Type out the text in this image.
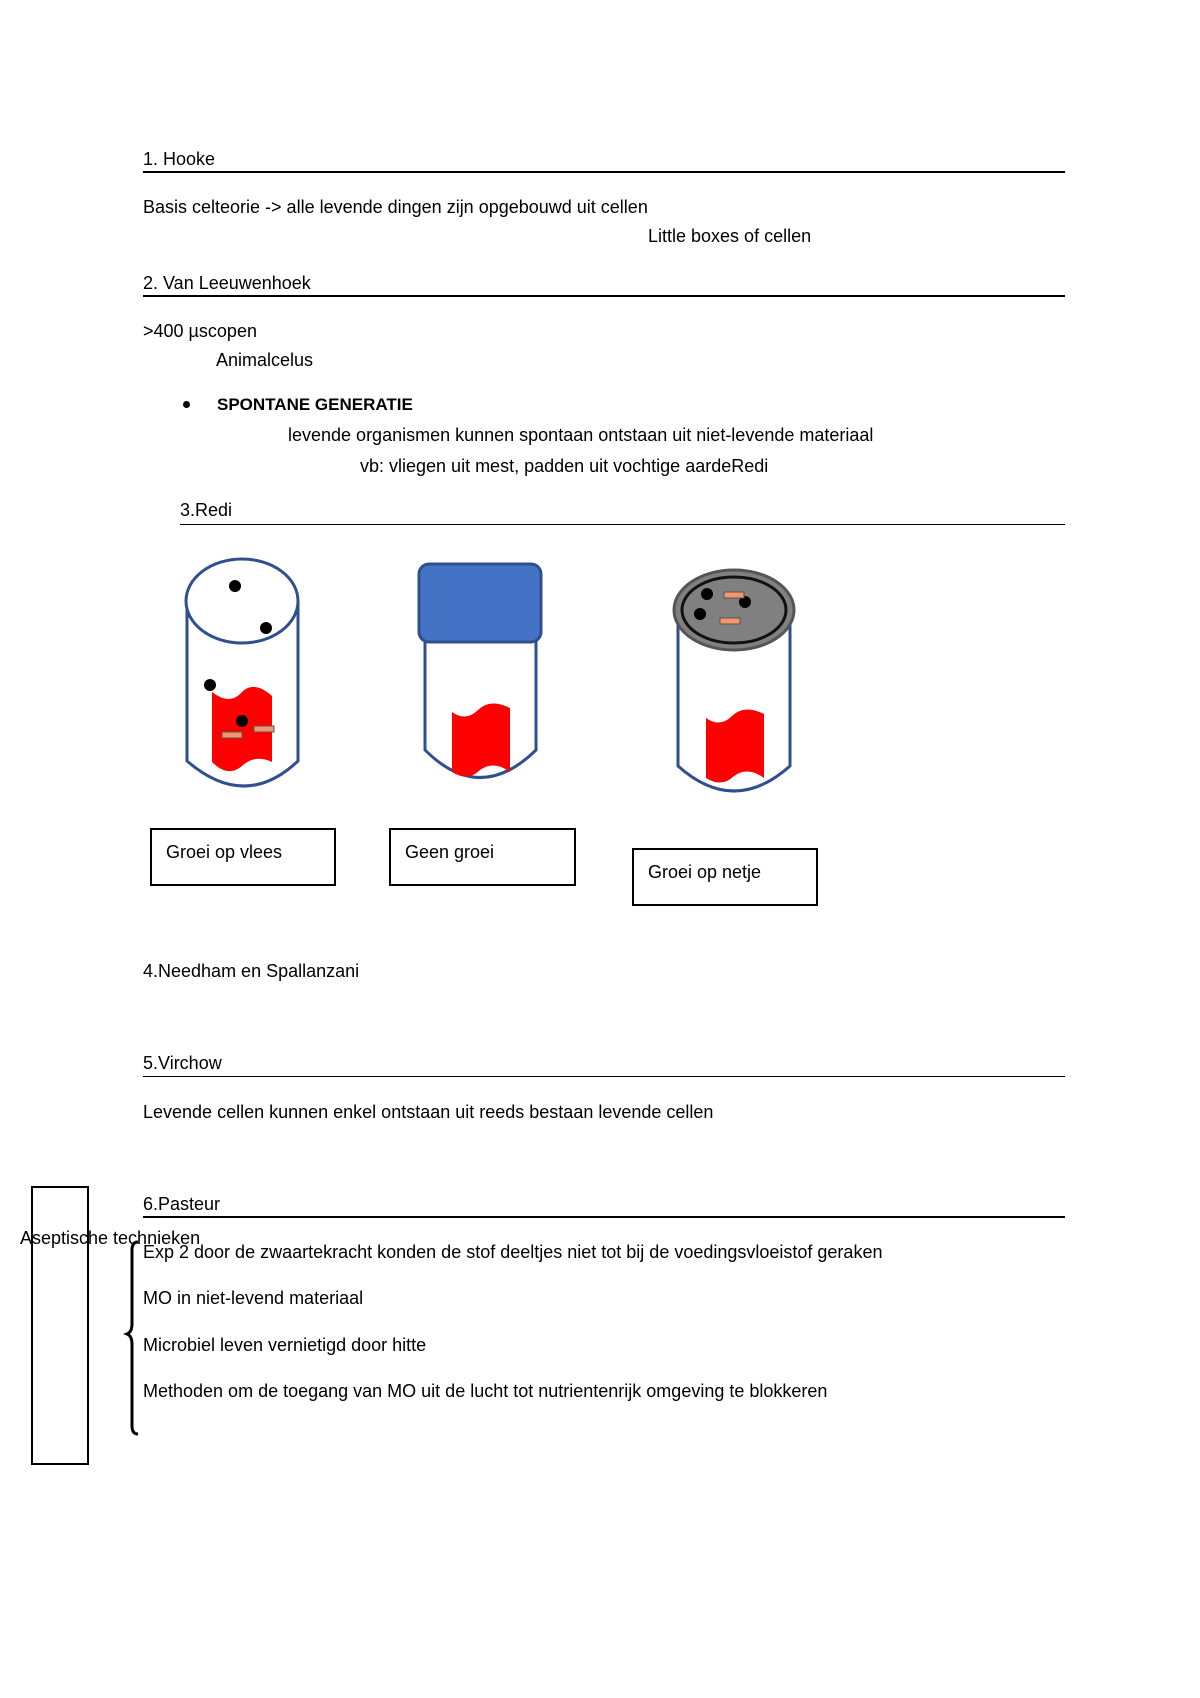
1. Hooke
Basis celteorie -> alle levende dingen zijn opgebouwd uit cellen
Little boxes of cellen
2. Van Leeuwenhoek
>400 µscopen
Animalcelus
SPONTANE GENERATIE
levende organismen kunnen spontaan ontstaan uit niet-levende materiaal
vb: vliegen uit mest, padden uit vochtige aardeRedi
3.Redi
Groei op vlees	Geen groei
Groei op netje
4.Needham en Spallanzani
5.Virchow
Levende cellen kunnen enkel ontstaan uit reeds bestaan levende cellen
Aseptische technieken
6.Pasteur
Exp 2 door de zwaartekracht konden de stof deeltjes niet tot bij de voedingsvloeistof geraken
MO in niet-levend materiaal
Microbiel leven vernietigd door hitte
Methoden om de toegang van MO uit de lucht tot nutrientenrijk omgeving te blokkeren
